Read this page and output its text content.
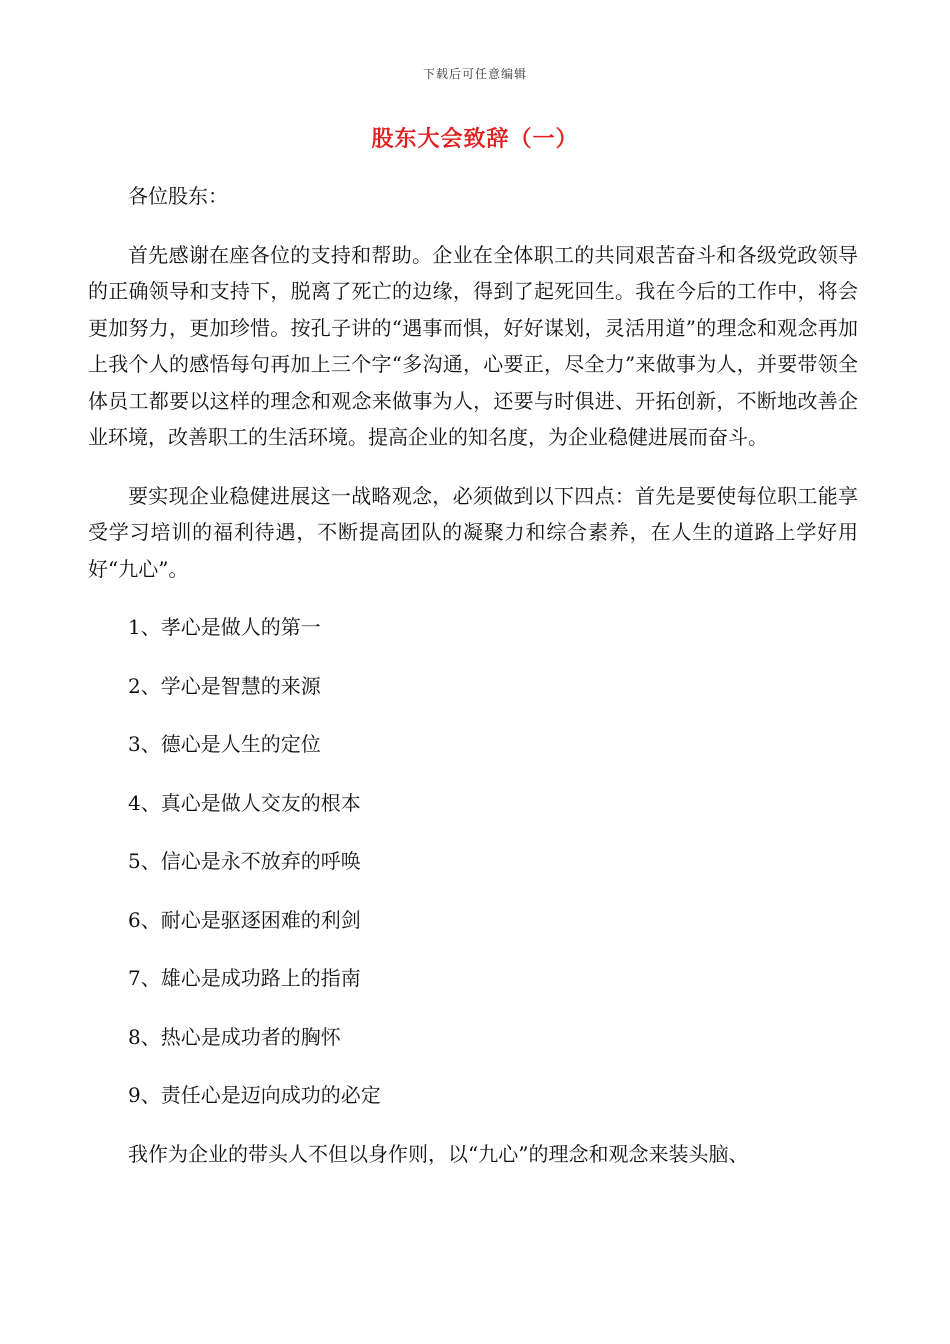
下载后可任意编辑
股东大会致辞（一）

各位股东：

首先感谢在座各位的支持和帮助。企业在全体职工的共同艰苦奋斗和各级党政领导的正确领导和支持下，脱离了死亡的边缘，得到了起死回生。我在今后的工作中，将会更加努力，更加珍惜。按孔子讲的“遇事而惧，好好谋划，灵活用道”的理念和观念再加上我个人的感悟每句再加上三个字“多沟通，心要正，尽全力”来做事为人，并要带领全体员工都要以这样的理念和观念来做事为人，还要与时俱进、开拓创新，不断地改善企业环境，改善职工的生活环境。提高企业的知名度，为企业稳健进展而奋斗。

要实现企业稳健进展这一战略观念，必须做到以下四点：首先是要使每位职工能享受学习培训的福利待遇，不断提高团队的凝聚力和综合素养，在人生的道路上学好用好“九心”。

1、孝心是做人的第一
2、学心是智慧的来源
3、德心是人生的定位
4、真心是做人交友的根本
5、信心是永不放弃的呼唤
6、耐心是驱逐困难的利剑
7、雄心是成功路上的指南
8、热心是成功者的胸怀
9、责任心是迈向成功的必定

我作为企业的带头人不但以身作则，以“九心”的理念和观念来装头脑、
